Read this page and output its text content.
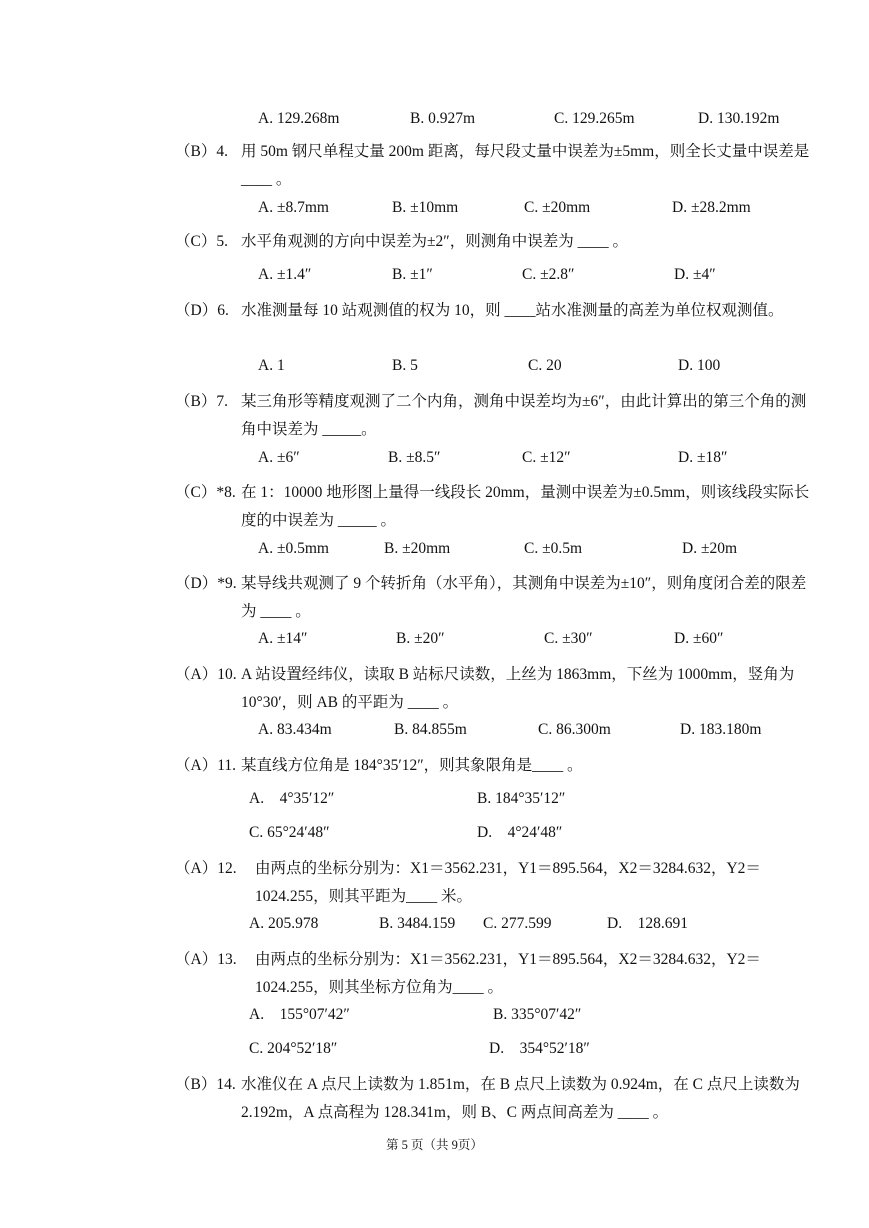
A. 129.268m	B. 0.927m	C. 129.265m	D. 130.192m
（B）4. 用 50m 钢尺单程丈量 200m 距离，每尺段丈量中误差为±5mm，则全长丈量中误差是 ____ 。
A. ±8.7mm	B. ±10mm	C. ±20mm	D. ±28.2mm
（C）5. 水平角观测的方向中误差为±2″，则测角中误差为 ____ 。
A. ±1.4″	B. ±1″	C. ±2.8″	D. ±4″
（D）6. 水准测量每 10 站观测值的权为 10，则 ____站水准测量的高差为单位权观测值。
A. 1	B. 5	C. 20	D. 100
（B）7. 某三角形等精度观测了二个内角，测角中误差均为±6″，由此计算出的第三个角的测角中误差为 _____。
A. ±6″	B. ±8.5″	C. ±12″	D. ±18″
（C）*8. 在 1：10000 地形图上量得一线段长 20mm，量测中误差为±0.5mm，则该线段实际长度的中误差为 _____ 。
A. ±0.5mm	B. ±20mm	C. ±0.5m	D. ±20m
（D）*9. 某导线共观测了 9 个转折角（水平角），其测角中误差为±10″，则角度闭合差的限差为 ____ 。
A. ±14″	B. ±20″	C. ±30″	D. ±60″
（A）10. A 站设置经纬仪，读取 B 站标尺读数，上丝为 1863mm，下丝为 1000mm，竖角为 10°30′，则 AB 的平距为 ____ 。
A. 83.434m	B. 84.855m	C. 86.300m	D. 183.180m
（A）11. 某直线方位角是 184°35′12″，则其象限角是____ 。
A.　4°35′12″	B. 184°35′12″
C. 65°24′48″	D.　4°24′48″
（A）12. 由两点的坐标分别为：X1＝3562.231，Y1＝895.564，X2＝3284.632，Y2＝1024.255，则其平距为____ 米。
A. 205.978	B. 3484.159 C. 277.599	D.　128.691
（A）13. 由两点的坐标分别为：X1＝3562.231，Y1＝895.564，X2＝3284.632，Y2＝1024.255，则其坐标方位角为____ 。
A.　155°07′42″	B. 335°07′42″
C. 204°52′18″	D.　354°52′18″
（B）14. 水准仪在 A 点尺上读数为 1.851m，在 B 点尺上读数为 0.924m，在 C 点尺上读数为 2.192m，A 点高程为 128.341m，则 B、C 两点间高差为 ____ 。
第 5 页（共 9页）
